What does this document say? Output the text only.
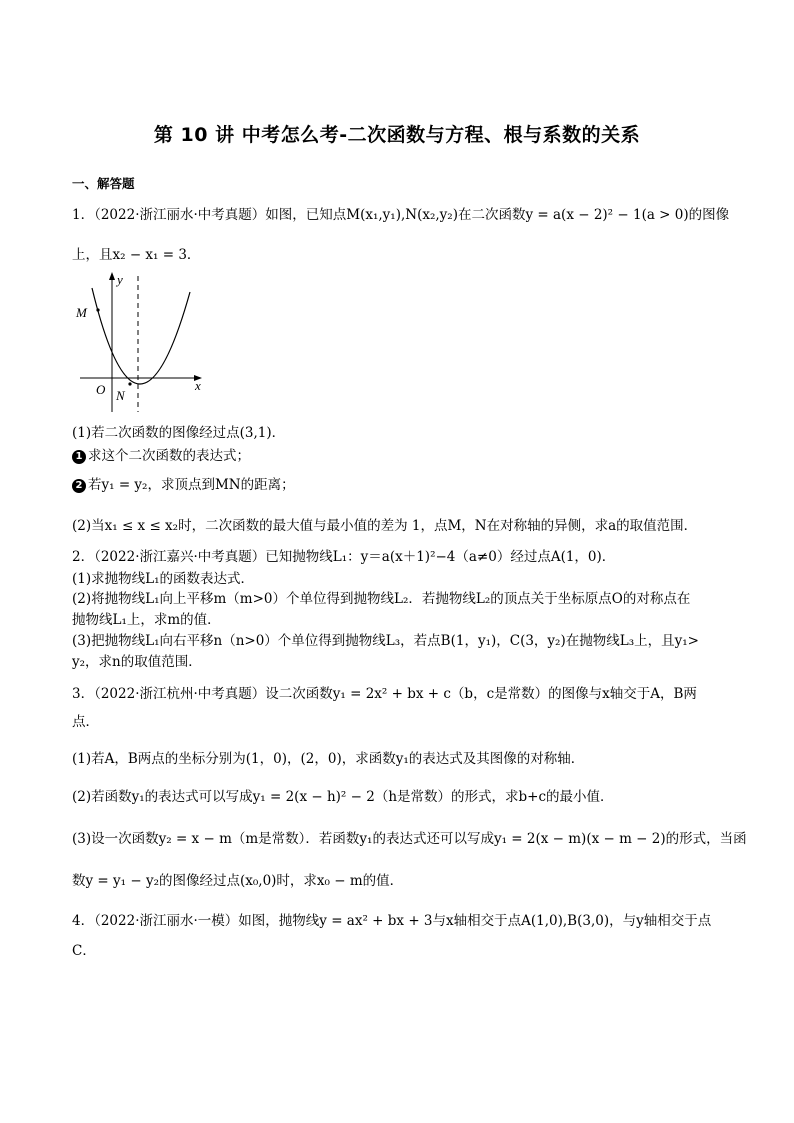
第 10 讲 中考怎么考-二次函数与方程、根与系数的关系
一、解答题
1．（2022·浙江丽水·中考真题）如图，已知点M(x₁,y₁),N(x₂,y₂)在二次函数y = a(x − 2)² − 1(a > 0)的图像
上，且x₂ − x₁ = 3．
x
y
O
M
N
(1)若二次函数的图像经过点(3,1)．
1 求这个二次函数的表达式；
2 若y₁ = y₂，求顶点到MN的距离；
(2)当x₁ ≤ x ≤ x₂时，二次函数的最大值与最小值的差为 1，点M，N在对称轴的异侧，求a的取值范围．
2．（2022·浙江嘉兴·中考真题）已知抛物线L₁：y＝a(x＋1)²−4（a≠0）经过点A(1，0)．
(1)求抛物线L₁的函数表达式．
(2)将抛物线L₁向上平移m（m>0）个单位得到抛物线L₂．若抛物线L₂的顶点关于坐标原点O的对称点在
抛物线L₁上，求m的值．
(3)把抛物线L₁向右平移n（n>0）个单位得到抛物线L₃，若点B(1，y₁)，C(3，y₂)在抛物线L₃上，且y₁>
y₂，求n的取值范围．
3．（2022·浙江杭州·中考真题）设二次函数y₁ = 2x² + bx + c（b，c是常数）的图像与x轴交于A，B两
点．
(1)若A，B两点的坐标分别为(1，0)，(2，0)，求函数y₁的表达式及其图像的对称轴．
(2)若函数y₁的表达式可以写成y₁ = 2(x − h)² − 2（h是常数）的形式，求b+c的最小值．
(3)设一次函数y₂ = x − m（m是常数）．若函数y₁的表达式还可以写成y₁ = 2(x − m)(x − m − 2)的形式，当函
数y = y₁ − y₂的图像经过点(x₀,0)时，求x₀ − m的值．
4．（2022·浙江丽水·一模）如图，抛物线y = ax² + bx + 3与x轴相交于点A(1,0),B(3,0)，与y轴相交于点
C．
